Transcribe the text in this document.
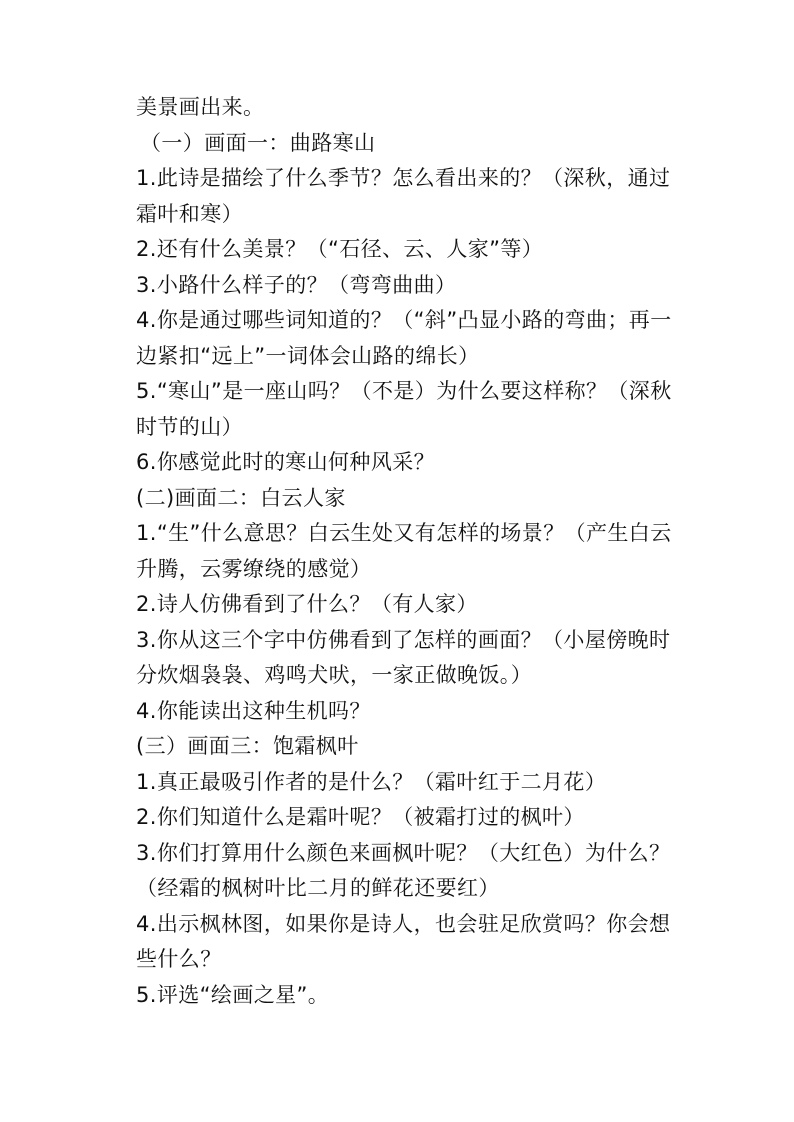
美景画出来。
（一）画面一：曲路寒山
1.此诗是描绘了什么季节？怎么看出来的？（深秋，通过
霜叶和寒）
2.还有什么美景？（“石径、云、人家”等）
3.小路什么样子的？（弯弯曲曲）
4.你是通过哪些词知道的？（“斜”凸显小路的弯曲；再一
边紧扣“远上”一词体会山路的绵长）
5.“寒山”是一座山吗？（不是）为什么要这样称？（深秋
时节的山）
6.你感觉此时的寒山何种风采？
(二)画面二：白云人家
1.“生”什么意思？白云生处又有怎样的场景？（产生白云
升腾，云雾缭绕的感觉）
2.诗人仿佛看到了什么？（有人家）
3.你从这三个字中仿佛看到了怎样的画面？（小屋傍晚时
分炊烟袅袅、鸡鸣犬吠，一家正做晚饭。）
4.你能读出这种生机吗？
(三）画面三：饱霜枫叶
1.真正最吸引作者的是什么？（霜叶红于二月花）
2.你们知道什么是霜叶呢？（被霜打过的枫叶）
3.你们打算用什么颜色来画枫叶呢？（大红色）为什么？
（经霜的枫树叶比二月的鲜花还要红）
4.出示枫林图，如果你是诗人，也会驻足欣赏吗？你会想
些什么？
5.评选“绘画之星”。
